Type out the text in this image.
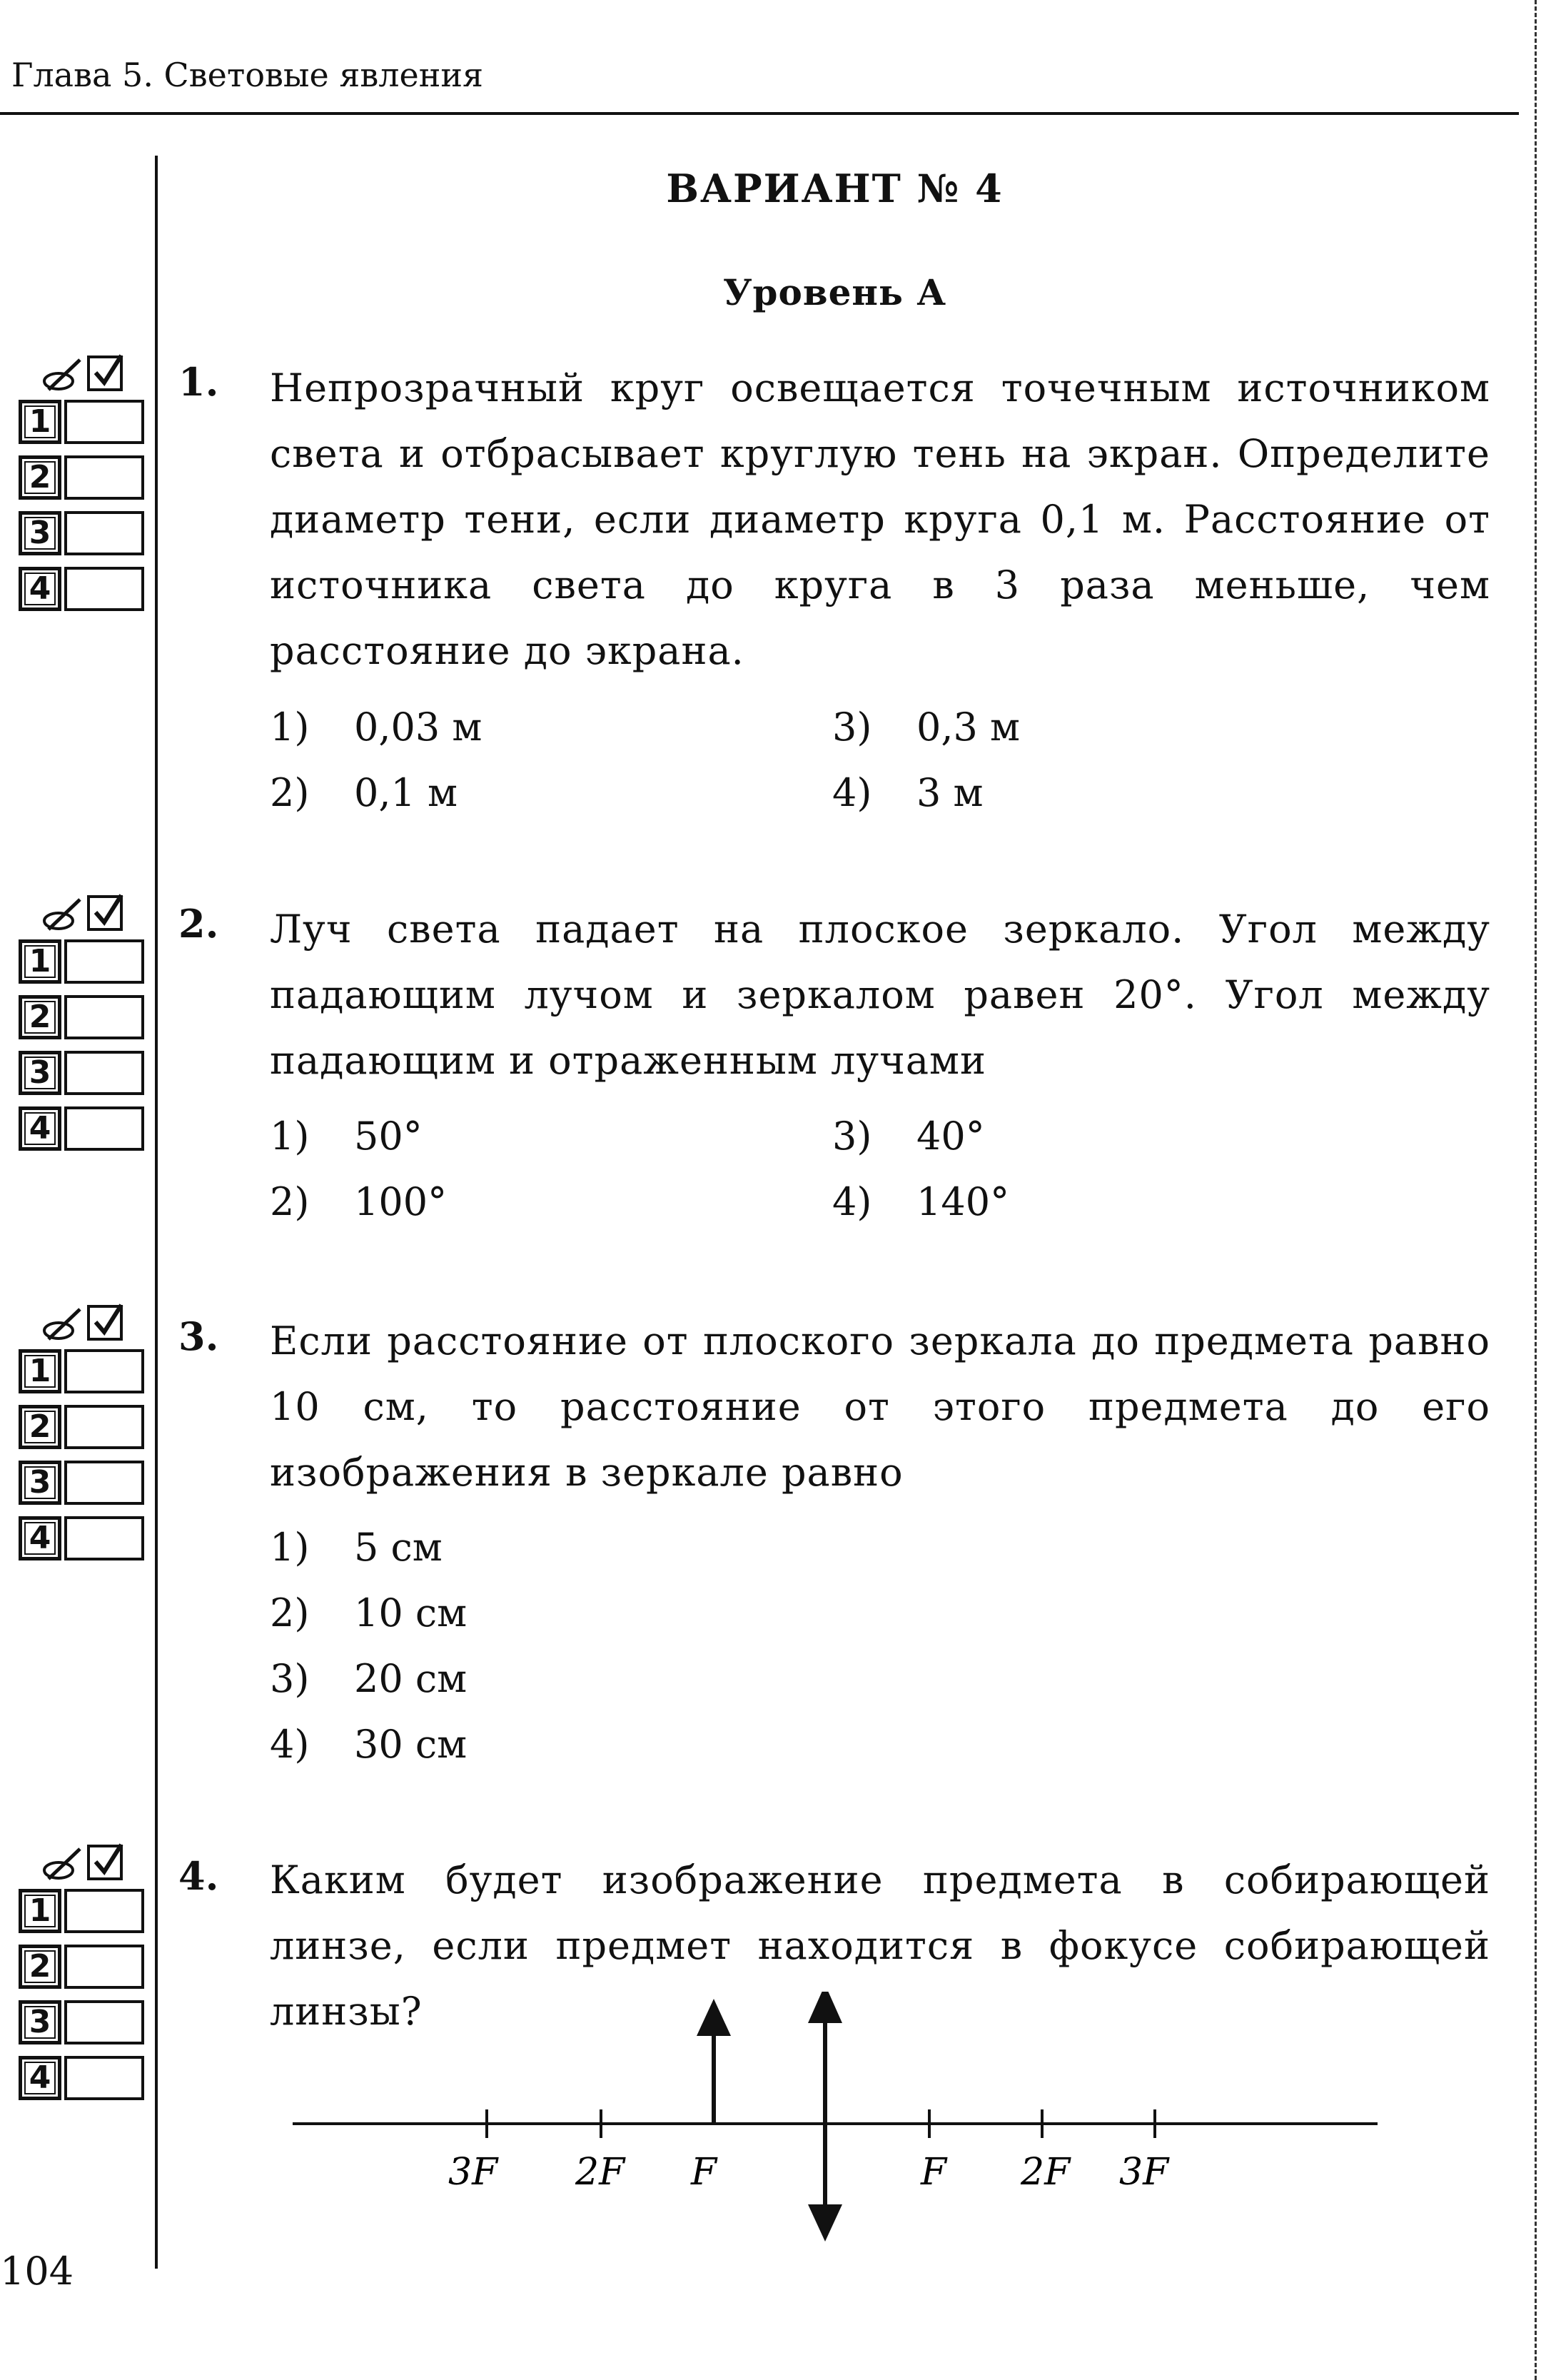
Глава 5. Световые явления
ВАРИАНТ № 4
Уровень А
1
2
3
4
1
2
3
4
1
2
3
4
1
2
3
4
1. Непрозрачный круг освещается точечным источником света и отбрасывает круглую тень на экран. Определите диаметр тени, если диаметр круга 0,1 м. Расстояние от источника света до круга в 3 раза меньше, чем расстояние до экрана.
1) 0,03 м
2) 0,1 м
3) 0,3 м
4) 3 м
2. Луч света падает на плоское зеркало. Угол между падающим лучом и зеркалом равен 20°. Угол между падающим и отраженным лучами
1) 50°
2) 100°
3) 40°
4) 140°
3. Если расстояние от плоского зеркала до предмета равно 10 см, то расстояние от этого предмета до его изображения в зеркале равно
1) 5 см
2) 10 см
3) 20 см
4) 30 см
4. Каким будет изображение предмета в собирающей линзе, если предмет находится в фокусе собирающей линзы?
3F 2F F	F 2F 3F
104
